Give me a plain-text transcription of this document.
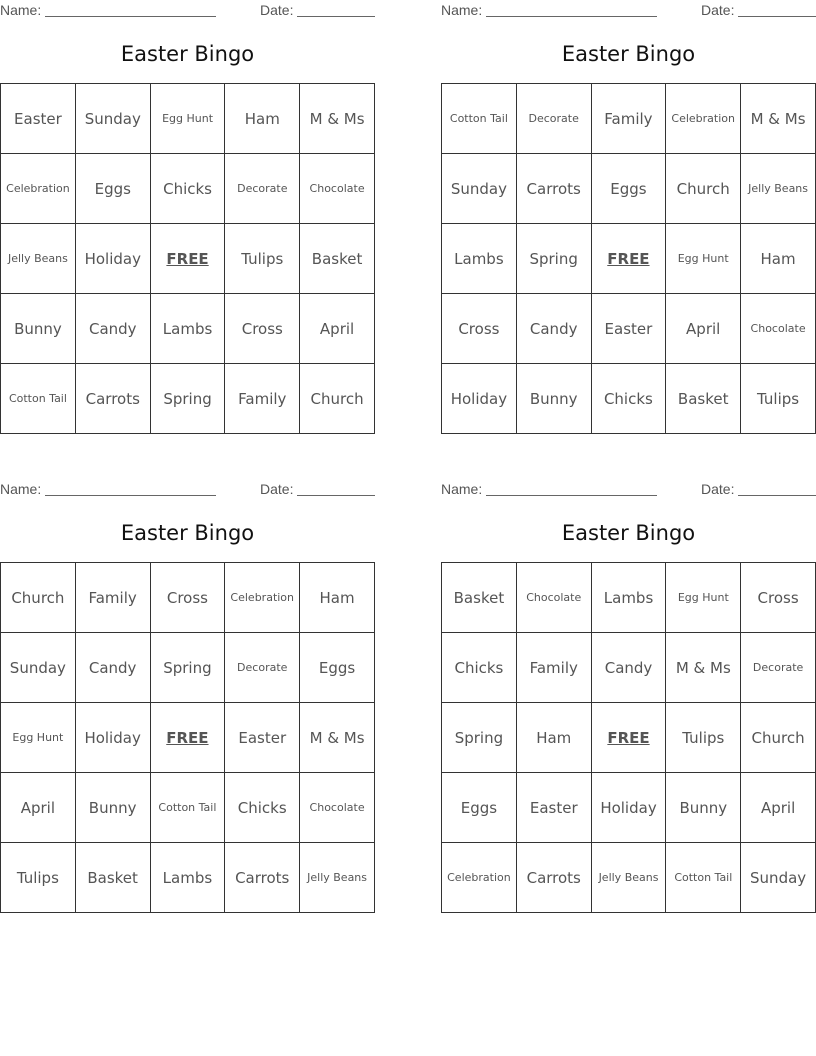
Name:	Date:
Easter Bingo
Easter	Sunday	Egg Hunt	Ham	M & Ms
Celebration	Eggs	Chicks	Decorate	Chocolate
Jelly Beans	Holiday	FREE	Tulips	Basket
Bunny	Candy	Lambs	Cross	April
Cotton Tail	Carrots	Spring	Family	Church
Name:	Date:
Easter Bingo
Cotton Tail	Decorate	Family	Celebration	M & Ms
Sunday	Carrots	Eggs	Church	Jelly Beans
Lambs	Spring	FREE	Egg Hunt	Ham
Cross	Candy	Easter	April	Chocolate
Holiday	Bunny	Chicks	Basket	Tulips
Name:	Date:
Easter Bingo
Church	Family	Cross	Celebration	Ham
Sunday	Candy	Spring	Decorate	Eggs
Egg Hunt	Holiday	FREE	Easter	M & Ms
April	Bunny	Cotton Tail	Chicks	Chocolate
Tulips	Basket	Lambs	Carrots	Jelly Beans
Name:	Date:
Easter Bingo
Basket	Chocolate	Lambs	Egg Hunt	Cross
Chicks	Family	Candy	M & Ms	Decorate
Spring	Ham	FREE	Tulips	Church
Eggs	Easter	Holiday	Bunny	April
Celebration	Carrots	Jelly Beans	Cotton Tail	Sunday
